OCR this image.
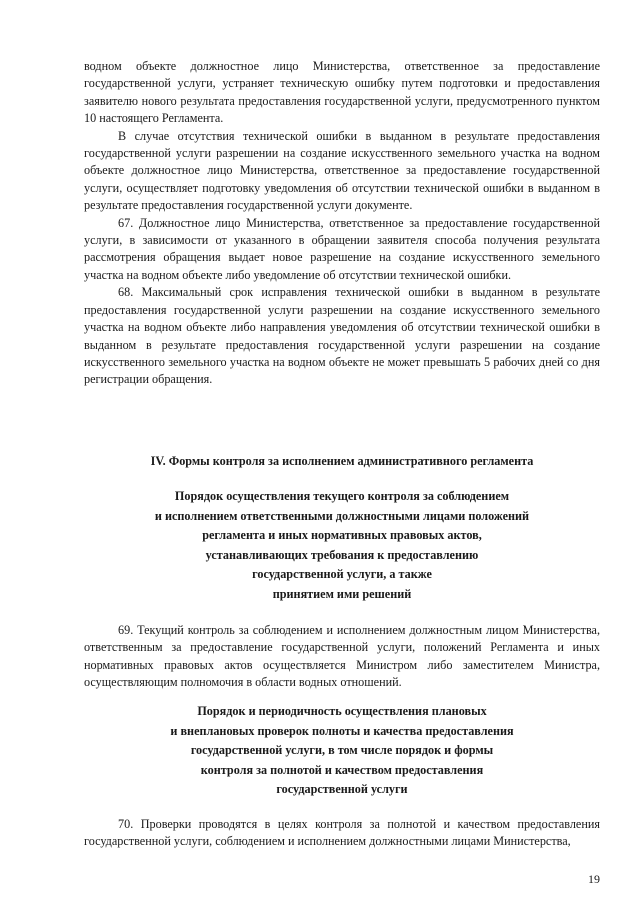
водном объекте должностное лицо Министерства, ответственное за предоставление государственной услуги, устраняет техническую ошибку путем подготовки и предоставления заявителю нового результата предоставления государственной услуги, предусмотренного пунктом 10 настоящего Регламента.

В случае отсутствия технической ошибки в выданном в результате предоставления государственной услуги разрешении на создание искусственного земельного участка на водном объекте должностное лицо Министерства, ответственное за предоставление государственной услуги, осуществляет подготовку уведомления об отсутствии технической ошибки в выданном в результате предоставления государственной услуги документе.

67. Должностное лицо Министерства, ответственное за предоставление государственной услуги, в зависимости от указанного в обращении заявителя способа получения результата рассмотрения обращения выдает новое разрешение на создание искусственного земельного участка на водном объекте либо уведомление об отсутствии технической ошибки.

68. Максимальный срок исправления технической ошибки в выданном в результате предоставления государственной услуги разрешении на создание искусственного земельного участка на водном объекте либо направления уведомления об отсутствии технической ошибки в выданном в результате предоставления государственной услуги разрешении на создание искусственного земельного участка на водном объекте не может превышать 5 рабочих дней со дня регистрации обращения.

IV. Формы контроля за исполнением административного регламента
Порядок осуществления текущего контроля за соблюдением
и исполнением ответственными должностными лицами положений
регламента и иных нормативных правовых актов,
устанавливающих требования к предоставлению
государственной услуги, а также
принятием ими решений

69. Текущий контроль за соблюдением и исполнением должностным лицом Министерства, ответственным за предоставление государственной услуги, положений Регламента и иных нормативных правовых актов осуществляется Министром либо заместителем Министра, осуществляющим полномочия в области водных отношений.

Порядок и периодичность осуществления плановых
и внеплановых проверок полноты и качества предоставления
государственной услуги, в том числе порядок и формы
контроля за полнотой и качеством предоставления
государственной услуги

70. Проверки проводятся в целях контроля за полнотой и качеством предоставления государственной услуги, соблюдением и исполнением должностными лицами Министерства,

19
